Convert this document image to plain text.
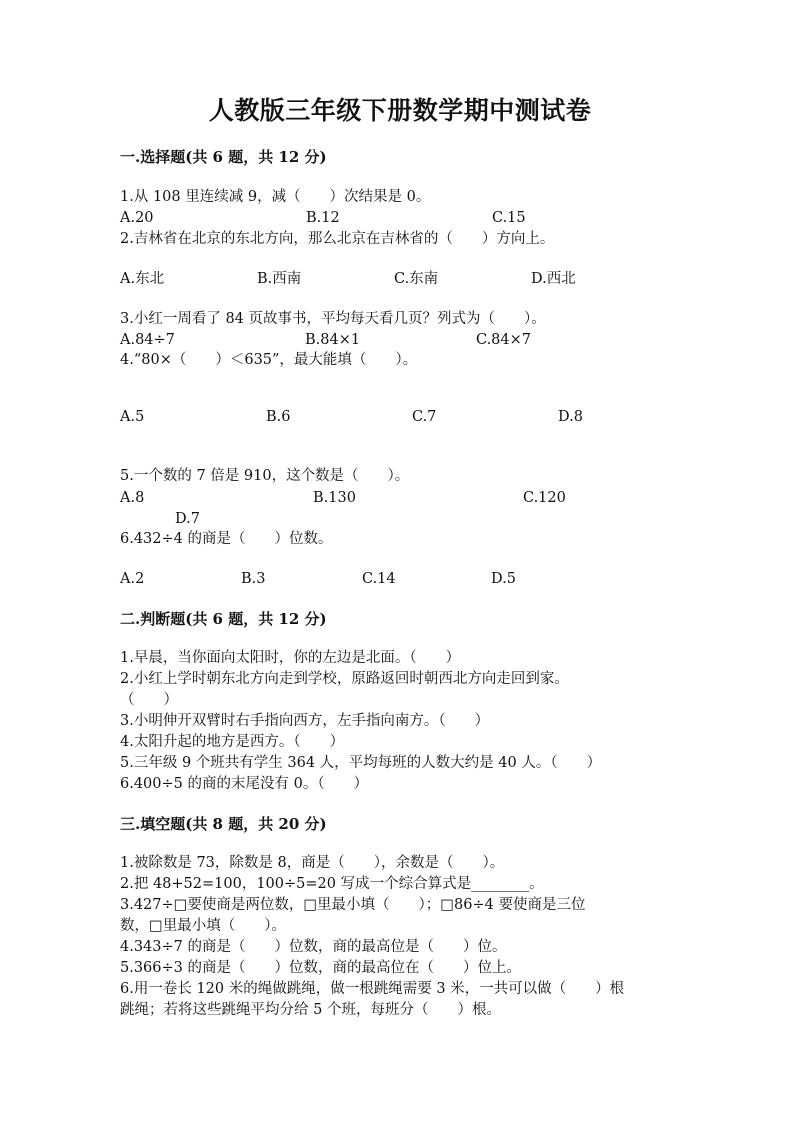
人教版三年级下册数学期中测试卷
一.选择题(共 6 题，共 12 分)
1.从 108 里连续减 9，减（　　）次结果是 0。
A.20	B.12	C.15
2.吉林省在北京的东北方向，那么北京在吉林省的（　　）方向上。
A.东北	B.西南	C.东南	D.西北
3.小红一周看了 84 页故事书，平均每天看几页？列式为（　　）。
A.84÷7	B.84×1	C.84×7
4.“80×（　　）＜635”，最大能填（　　）。
A.5	B.6	C.7	D.8
5.一个数的 7 倍是 910，这个数是（　　）。
A.8	B.130	C.120
D.7
6.432÷4 的商是（　　）位数。
A.2	B.3	C.14	D.5
二.判断题(共 6 题，共 12 分)
1.早晨，当你面向太阳时，你的左边是北面。（　　）
2.小红上学时朝东北方向走到学校，原路返回时朝西北方向走回到家。
（　　）
3.小明伸开双臂时右手指向西方，左手指向南方。（　　）
4.太阳升起的地方是西方。（　　）
5.三年级 9 个班共有学生 364 人，平均每班的人数大约是 40 人。（　　）
6.400÷5 的商的末尾没有 0。（　　）
三.填空题(共 8 题，共 20 分)
1.被除数是 73，除数是 8，商是（　　），余数是（　　）。
2.把 48+52=100，100÷5=20 写成一个综合算式是________。
3.427÷□要使商是两位数，□里最小填（　　）；□86÷4 要使商是三位
数，□里最小填（　　）。
4.343÷7 的商是（　　）位数，商的最高位是（　　）位。
5.366÷3 的商是（　　）位数，商的最高位在（　　）位上。
6.用一卷长 120 米的绳做跳绳，做一根跳绳需要 3 米，一共可以做（　　）根
跳绳；若将这些跳绳平均分给 5 个班，每班分（　　）根。
